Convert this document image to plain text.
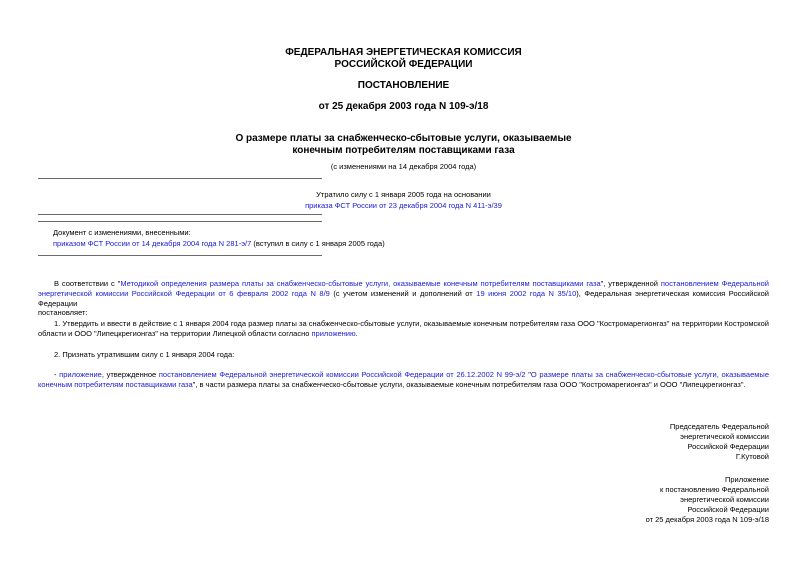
ФЕДЕРАЛЬНАЯ ЭНЕРГЕТИЧЕСКАЯ КОМИССИЯ
РОССИЙСКОЙ ФЕДЕРАЦИИ
ПОСТАНОВЛЕНИЕ
от 25 декабря 2003 года N 109-э/18
О размере платы за снабженческо-сбытовые услуги, оказываемые
конечным потребителям поставщиками газа
(с изменениями на 14 декабря 2004 года)
Утратило силу с 1 января 2005 года на основании
приказа ФСТ России от 23 декабря 2004 года N 411-э/39
Документ с изменениями, внесенными:
приказом ФСТ России от 14 декабря 2004 года N 281-э/7 (вступил в силу с 1 января 2005 года)
В соответствии с "Методикой определения размера платы за снабженческо-сбытовые услуги, оказываемые конечным потребителям поставщиками газа", утвержденной постановлением Федеральной энергетической комиссии Российской Федерации от 6 февраля 2002 года N 8/9 (с учетом изменений и дополнений от 19 июня 2002 года N 35/10), Федеральная энергетическая комиссия Российской Федерации
постановляет:
1. Утвердить и ввести в действие с 1 января 2004 года размер платы за снабженческо-сбытовые услуги, оказываемые конечным потребителям газа ООО "Костромарегионгаз" на территории Костромской области и ООО "Липецкрегионгаз" на территории Липецкой области согласно приложению.
2. Признать утратившим силу с 1 января 2004 года:
- приложение, утвержденное постановлением Федеральной энергетической комиссии Российской Федерации от 26.12.2002 N 99-э/2 "О размере платы за снабженческо-сбытовые услуги, оказываемые конечным потребителям поставщиками газа", в части размера платы за снабженческо-сбытовые услуги, оказываемые конечным потребителям газа ООО "Костромарегионгаз" и ООО "Липецкрегионгаз".
Председатель Федеральной
энергетической комиссии
Российской Федерации
Г.Кутовой
Приложение
к постановлению Федеральной
энергетической комиссии
Российской Федерации
от 25 декабря 2003 года N 109-э/18
